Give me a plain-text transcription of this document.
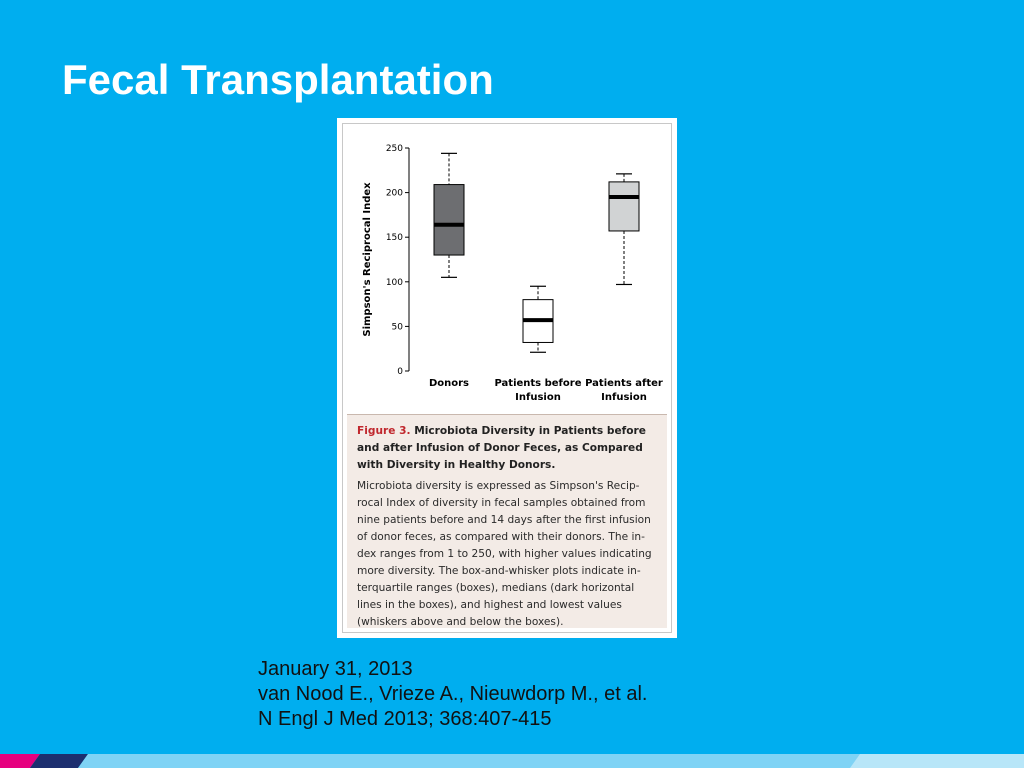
Fecal Transplantation
0
50
100
150
200
250
Simpson's Reciprocal Index
Donors	Patients before
Infusion
Patients after
Infusion
Figure 3. Microbiota Diversity in Patients before and after Infusion of Donor Feces, as Compared with Diversity in Healthy Donors.
Microbiota diversity is expressed as Simpson's Recip-rocal Index of diversity in fecal samples obtained from nine patients before and 14 days after the first infusion of donor feces, as compared with their donors. The in-dex ranges from 1 to 250, with higher values indicating more diversity. The box-and-whisker plots indicate in-terquartile ranges (boxes), medians (dark horizontal lines in the boxes), and highest and lowest values (whiskers above and below the boxes).
January 31, 2013
van Nood E., Vrieze A., Nieuwdorp M., et al.
N Engl J Med 2013; 368:407-415
